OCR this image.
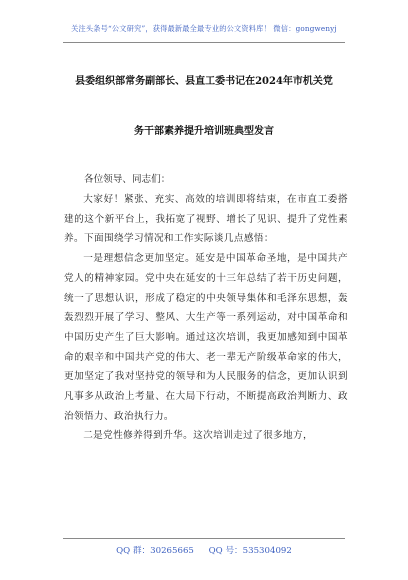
关注头条号“公文研究”，获得最新最全最专业的公文资料库！ 微信：gongwenyj
县委组织部常务副部长、县直工委书记在2024年市机关党
务干部素养提升培训班典型发言
各位领导、同志们：

大家好！紧张、充实、高效的培训即将结束，在市直工委搭建的这个新平台上，我拓宽了视野、增长了见识、提升了党性素养。下面围绕学习情况和工作实际谈几点感悟：

一是理想信念更加坚定。延安是中国革命圣地，是中国共产党人的精神家园。党中央在延安的十三年总结了若干历史问题，统一了思想认识，形成了稳定的中央领导集体和毛泽东思想，轰轰烈烈开展了学习、整风、大生产等一系列运动，对中国革命和中国历史产生了巨大影响。通过这次培训，我更加感知到中国革命的艰辛和中国共产党的伟大、老一辈无产阶级革命家的伟大，更加坚定了我对坚持党的领导和为人民服务的信念，更加认识到凡事多从政治上考量、在大局下行动，不断提高政治判断力、政治领悟力、政治执行力。

二是党性修养得到升华。这次培训走过了很多地方，

QQ 群：30265665 QQ 号：535304092
